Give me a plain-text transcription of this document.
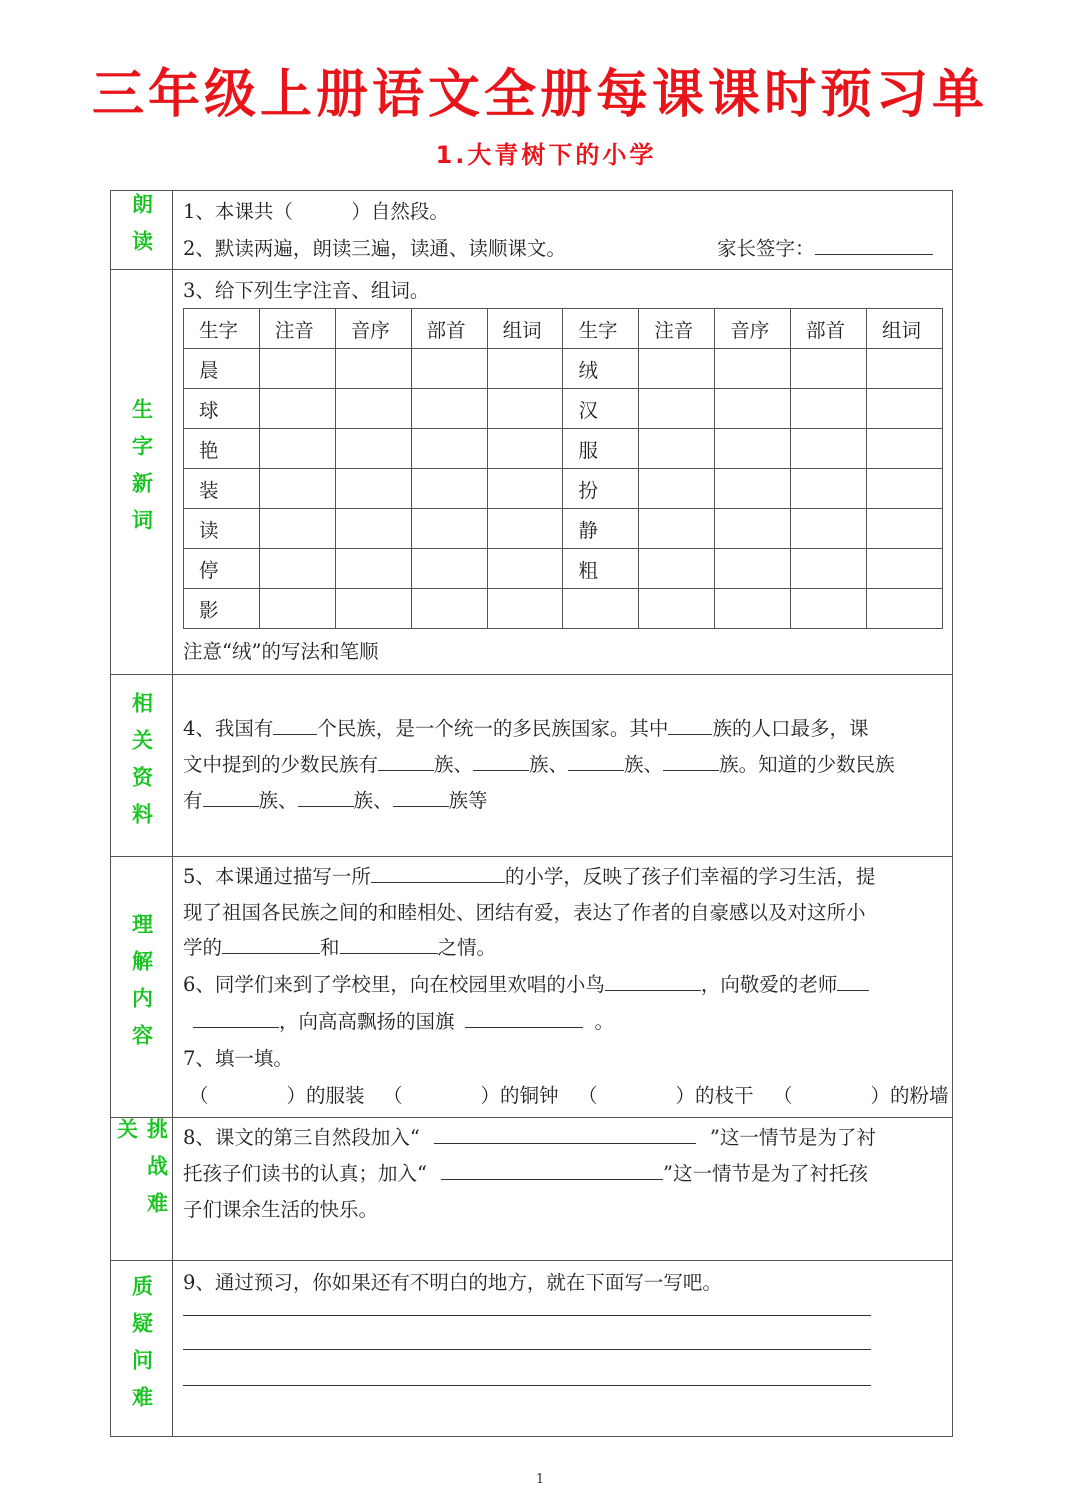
三年级上册语文全册每课课时预习单
1.大青树下的小学
朗读 1、本课共（　　　）自然段。
2、默读两遍，朗读三遍，读通、读顺课文。	家长签字：
生字新词
3、给下列生字注音、组词。
生字	注音	音序	部首	组词	生字	注音	音序	部首	组词
晨					绒				
球					汉				
艳					服				
装					扮				
读					静				
停					粗				
影									
注意“绒”的写法和笔顺
相关资料 4、我国有 个民族，是一个统一的多民族国家。其中 族的人口最多，课
文中提到的少数民族有	族、	族、	族、	族。知道的少数民族
有	族、	族、	族等
理解内容
5、本课通过描写一所	的小学，反映了孩子们幸福的学习生活，提
现了祖国各民族之间的和睦相处、团结有爱，表达了作者的自豪感以及对这所小
学的	和	之情。
6、同学们来到了学校里，向在校园里欢唱的小鸟	，向敬爱的老师
，向高高飘扬的国旗	。
7、填一填。
（　　　　）的服装 （　　　　）的铜钟 （　　　　）的枝干 （　　　　）的粉墙
挑战难关	8、课文的第三自然段加入“	”这一情节是为了衬
托孩子们读书的认真；加入“	”这一情节是为了衬托孩
子们课余生活的快乐。
质疑问难 9、通过预习，你如果还有不明白的地方，就在下面写一写吧。
1
